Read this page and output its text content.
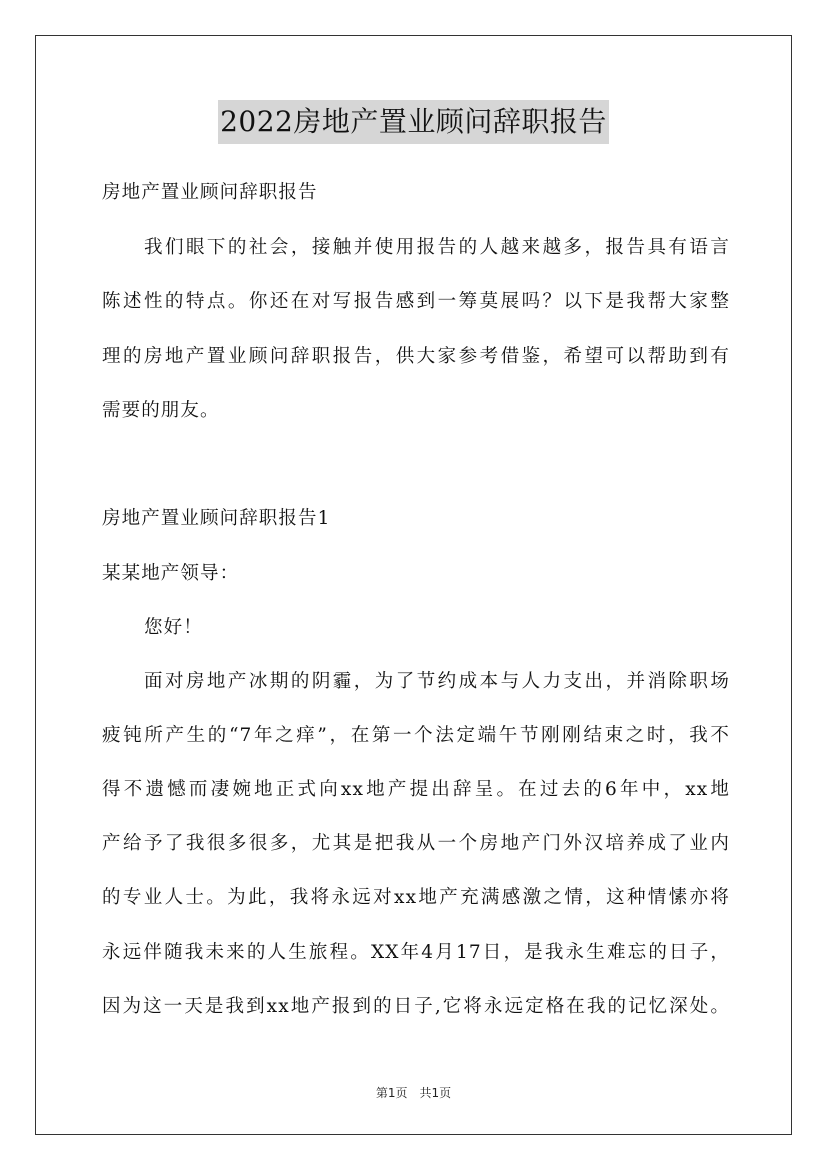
2022房地产置业顾问辞职报告
房地产置业顾问辞职报告
我们眼下的社会，接触并使用报告的人越来越多，报告具有语言
陈述性的特点。你还在对写报告感到一筹莫展吗？以下是我帮大家整
理的房地产置业顾问辞职报告，供大家参考借鉴，希望可以帮助到有
需要的朋友。
房地产置业顾问辞职报告1
某某地产领导：
您好！
面对房地产冰期的阴霾，为了节约成本与人力支出，并消除职场
疲钝所产生的“7年之痒”，在第一个法定端午节刚刚结束之时，我不
得不遗憾而凄婉地正式向xx地产提出辞呈。在过去的6年中，xx地
产给予了我很多很多，尤其是把我从一个房地产门外汉培养成了业内
的专业人士。为此，我将永远对xx地产充满感激之情，这种情愫亦将
永远伴随我未来的人生旅程。XX年4月17日，是我永生难忘的日子，
因为这一天是我到xx地产报到的日子,它将永远定格在我的记忆深处。
第1页　共1页
